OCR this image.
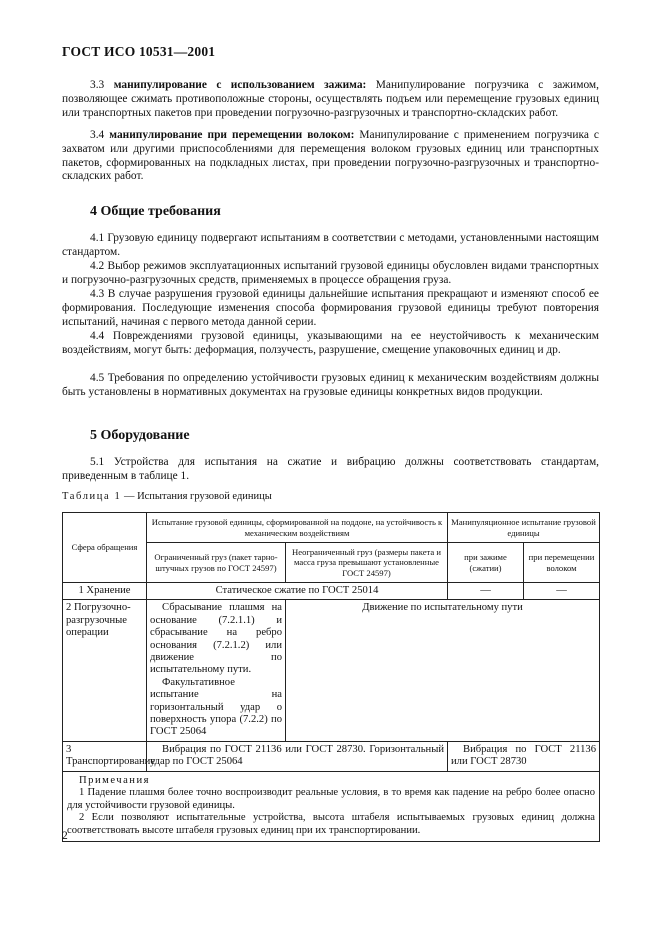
ГОСТ ИСО 10531—2001

3.3 манипулирование с использованием зажима: Манипулирование погрузчика с зажимом, позволяющее сжимать противоположные стороны, осуществлять подъем или перемещение грузовых единиц или транспортных пакетов при проведении погрузочно-разгрузочных и транспортно-складских работ.

3.4 манипулирование при перемещении волоком: Манипулирование с применением погрузчика с захватом или другими приспособлениями для перемещения волоком грузовых единиц или транспортных пакетов, сформированных на подкладных листах, при проведении погрузочно-разгрузочных и транспортно-складских работ.

4 Общие требования

4.1 Грузовую единицу подвергают испытаниям в соответствии с методами, установленными настоящим стандартом.

4.2 Выбор режимов эксплуатационных испытаний грузовой единицы обусловлен видами транспортных и погрузочно-разгрузочных средств, применяемых в процессе обращения груза.

4.3 В случае разрушения грузовой единицы дальнейшие испытания прекращают и изменяют способ ее формирования. Последующие изменения способа формирования грузовой единицы требуют повторения испытаний, начиная с первого метода данной серии.

4.4 Повреждениями грузовой единицы, указывающими на ее неустойчивость к механическим воздействиям, могут быть: деформация, ползучесть, разрушение, смещение упаковочных единиц и др.

4.5 Требования по определению устойчивости грузовых единиц к механическим воздействиям должны быть установлены в нормативных документах на грузовые единицы конкретных видов продукции.

5 Оборудование

5.1 Устройства для испытания на сжатие и вибрацию должны соответствовать стандартам, приведенным в таблице 1.

Таблица 1 — Испытания грузовой единицы
Сфера обращения	Испытание грузовой единицы, сформированной на поддоне, на устойчивость к механическим воздействиям		Манипуляционное испытание грузовой единицы	
	Ограниченный груз (пакет тарно-штучных грузов по ГОСТ 24597)	Неограниченный груз (размеры пакета и масса груза превышают установленные ГОСТ 24597)	при зажиме (сжатии)	при перемещении волоком
1 Хранение	Статическое сжатие по ГОСТ 25014		—	—
2 Погрузочно-разгрузочные операции	Сбрасывание плашмя на основание (7.2.1.1) и сбрасывание на ребро основания (7.2.1.2) или движение по испытательному пути.
Факультативное испытание на горизонтальный удар о поверхность упора (7.2.2) по ГОСТ 25064	Движение по испытательному пути		
3 Транспортирование	Вибрация по ГОСТ 21136 или ГОСТ 28730. Горизонтальный удар по ГОСТ 25064		Вибрация по ГОСТ 21136 или ГОСТ 28730	

Примечания
1 Падение плашмя более точно воспроизводит реальные условия, в то время как падение на ребро более опасно для устойчивости грузовой единицы.
2 Если позволяют испытательные устройства, высота штабеля испытываемых грузовых единиц должна соответствовать высоте штабеля грузовых единиц при их транспортировании.				
2
